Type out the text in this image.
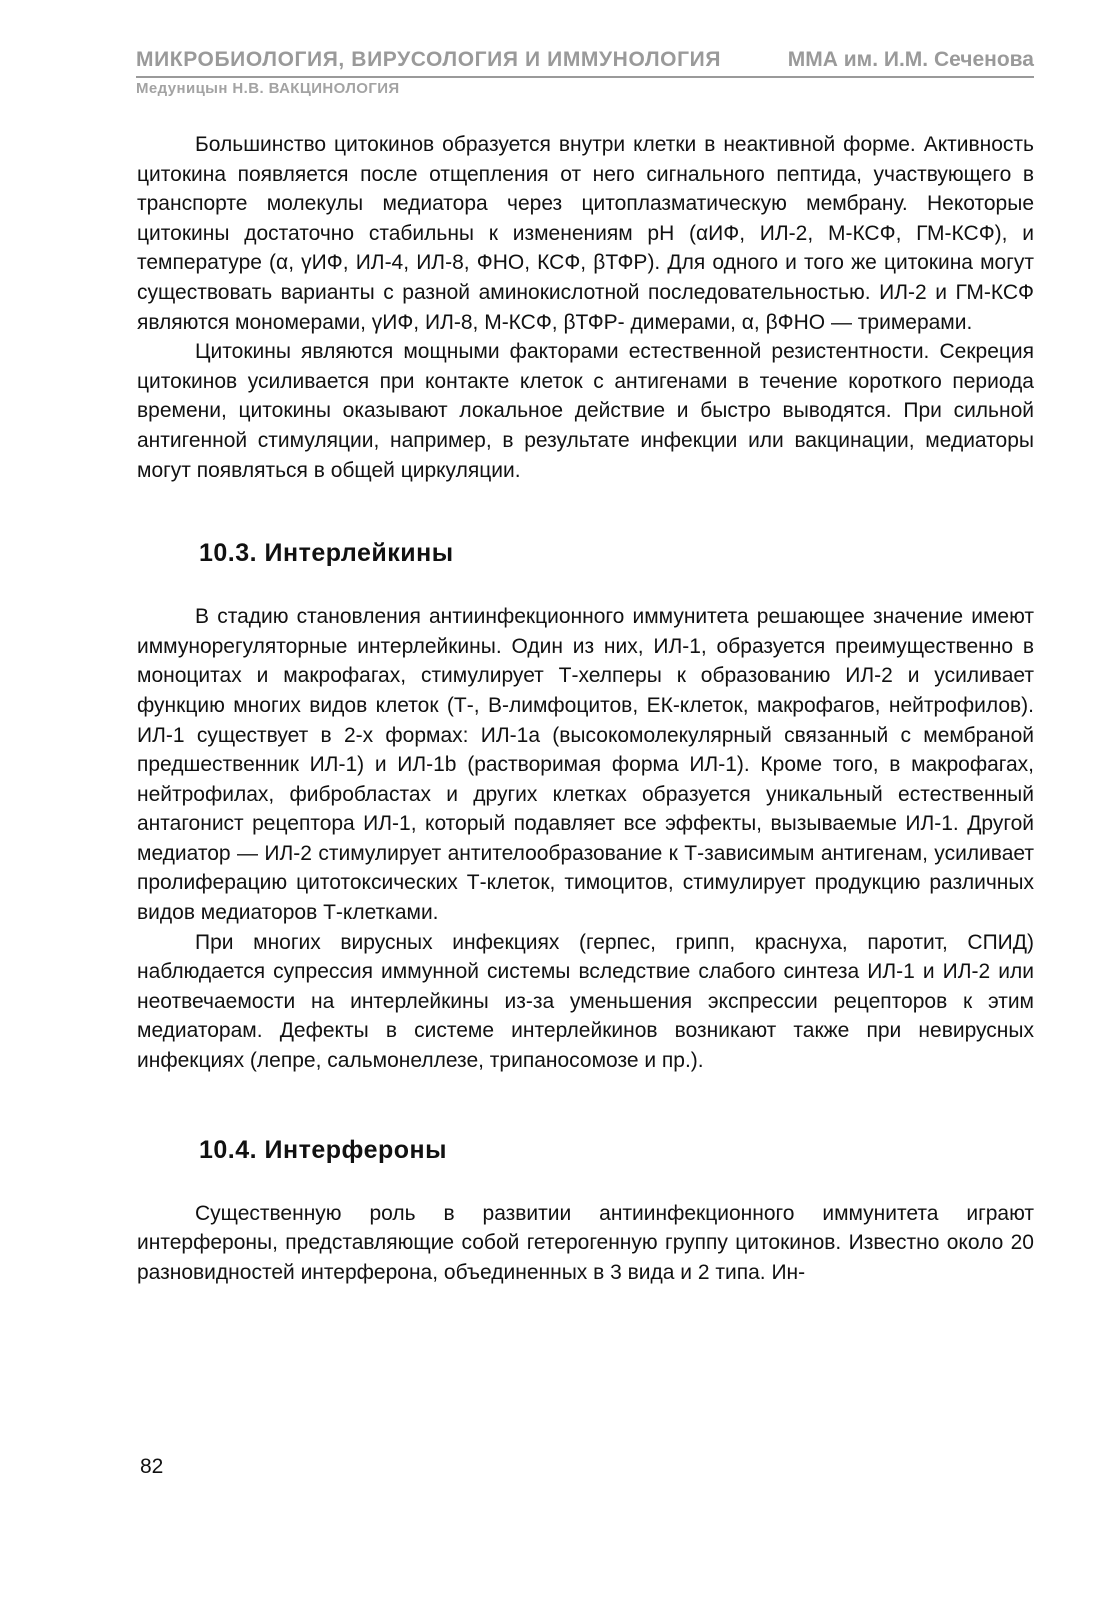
МИКРОБИОЛОГИЯ, ВИРУСОЛОГИЯ И ИММУНОЛОГИЯ	ММА им. И.М. Сеченова
Медуницын Н.В. ВАКЦИНОЛОГИЯ

Большинство цитокинов образуется внутри клетки в неактивной форме. Активность цитокина появляется после отщепления от него сигнального пептида, участвующего в транспорте молекулы медиатора через цитоплазматическую мембрану. Некоторые цитокины достаточно стабильны к изменениям pH (αИФ, ИЛ-2, М-КСФ, ГМ-КСФ), и температуре (α, γИФ, ИЛ-4, ИЛ-8, ФНО, КСФ, βТФР). Для одного и того же цитокина могут существовать варианты с разной аминокислотной последовательностью. ИЛ-2 и ГМ-КСФ являются мономерами, γИФ, ИЛ-8, М-КСФ, βТФР- димерами, α, βФНО — тримерами.

Цитокины являются мощными факторами естественной резистентности. Секреция цитокинов усиливается при контакте клеток с антигенами в течение короткого периода времени, цитокины оказывают локальное действие и быстро выводятся. При сильной антигенной стимуляции, например, в результате инфекции или вакцинации, медиаторы могут появляться в общей циркуляции.

10.3. Интерлейкины

В стадию становления антиинфекционного иммунитета решающее значение имеют иммунорегуляторные интерлейкины. Один из них, ИЛ-1, образуется преимущественно в моноцитах и макрофагах, стимулирует Т-хелперы к образованию ИЛ-2 и усиливает функцию многих видов клеток (Т-, В-лимфоцитов, ЕК-клеток, макрофагов, нейтрофилов). ИЛ-1 существует в 2-х формах: ИЛ-1а (высокомолекулярный связанный с мембраной предшественник ИЛ-1) и ИЛ-1b (растворимая форма ИЛ-1). Кроме того, в макрофагах, нейтрофилах, фибробластах и других клетках образуется уникальный естественный антагонист рецептора ИЛ-1, который подавляет все эффекты, вызываемые ИЛ-1. Другой медиатор — ИЛ-2 стимулирует антителообразование к Т-зависимым антигенам, усиливает пролиферацию цитотоксических Т-клеток, тимоцитов, стимулирует продукцию различных видов медиаторов Т-клетками.

При многих вирусных инфекциях (герпес, грипп, краснуха, паротит, СПИД) наблюдается супрессия иммунной системы вследствие слабого синтеза ИЛ-1 и ИЛ-2 или неотвечаемости на интерлейкины из-за уменьшения экспрессии рецепторов к этим медиаторам. Дефекты в системе интерлейкинов возникают также при невирусных инфекциях (лепре, сальмонеллезе, трипаносомозе и пр.).

10.4. Интерфероны

Существенную роль в развитии антиинфекционного иммунитета играют интерфероны, представляющие собой гетерогенную группу цитокинов. Известно около 20 разновидностей интерферона, объединенных в 3 вида и 2 типа. Ин-

82
